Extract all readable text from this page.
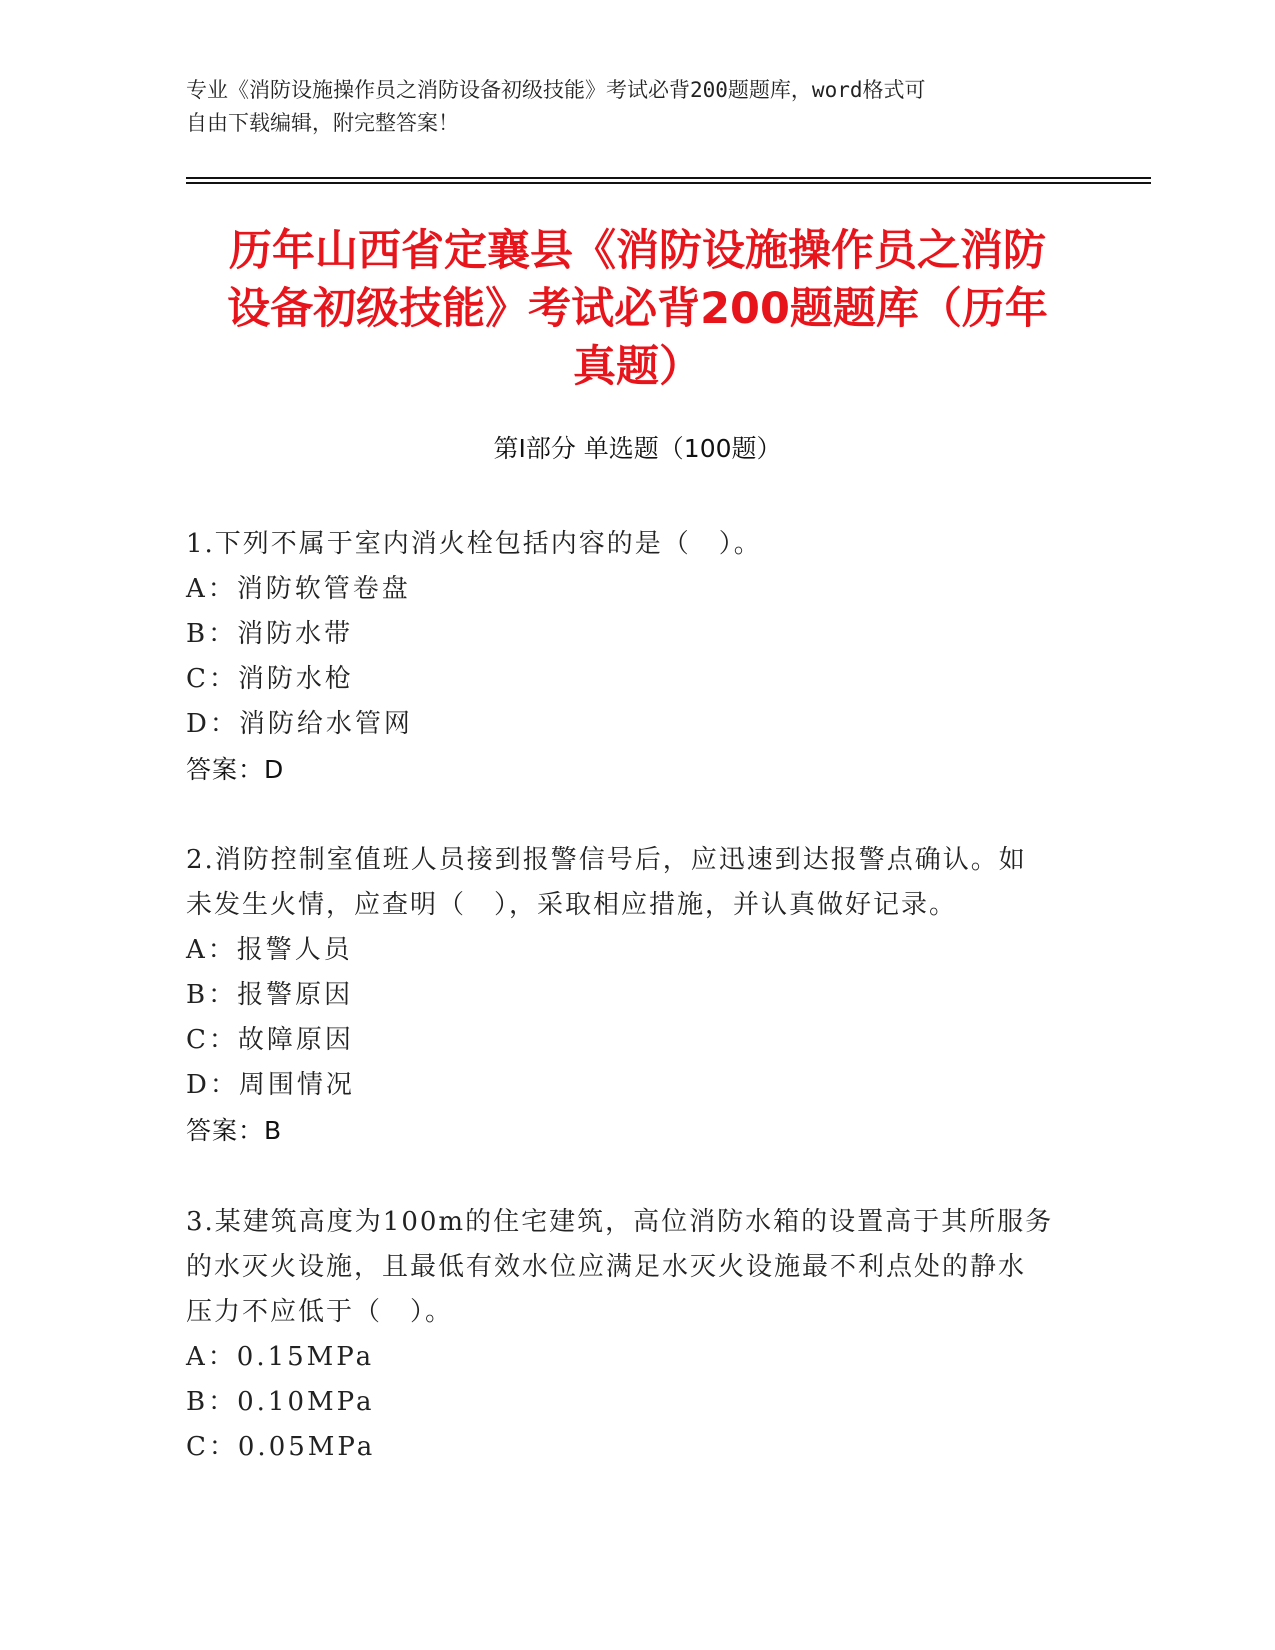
专业《消防设施操作员之消防设备初级技能》考试必背200题题库，word格式可
自由下载编辑，附完整答案！
历年山西省定襄县《消防设施操作员之消防
设备初级技能》考试必背200题题库（历年
真题）
第Ⅰ部分 单选题（100题）
1.下列不属于室内消火栓包括内容的是（　）。
A：消防软管卷盘
B：消防水带
C：消防水枪
D：消防给水管网
答案：D
2.消防控制室值班人员接到报警信号后，应迅速到达报警点确认。如
未发生火情，应查明（　），采取相应措施，并认真做好记录。
A：报警人员
B：报警原因
C：故障原因
D：周围情况
答案：B
3.某建筑高度为100m的住宅建筑，高位消防水箱的设置高于其所服务
的水灭火设施，且最低有效水位应满足水灭火设施最不利点处的静水
压力不应低于（　）。
A：0.15MPa
B：0.10MPa
C：0.05MPa
